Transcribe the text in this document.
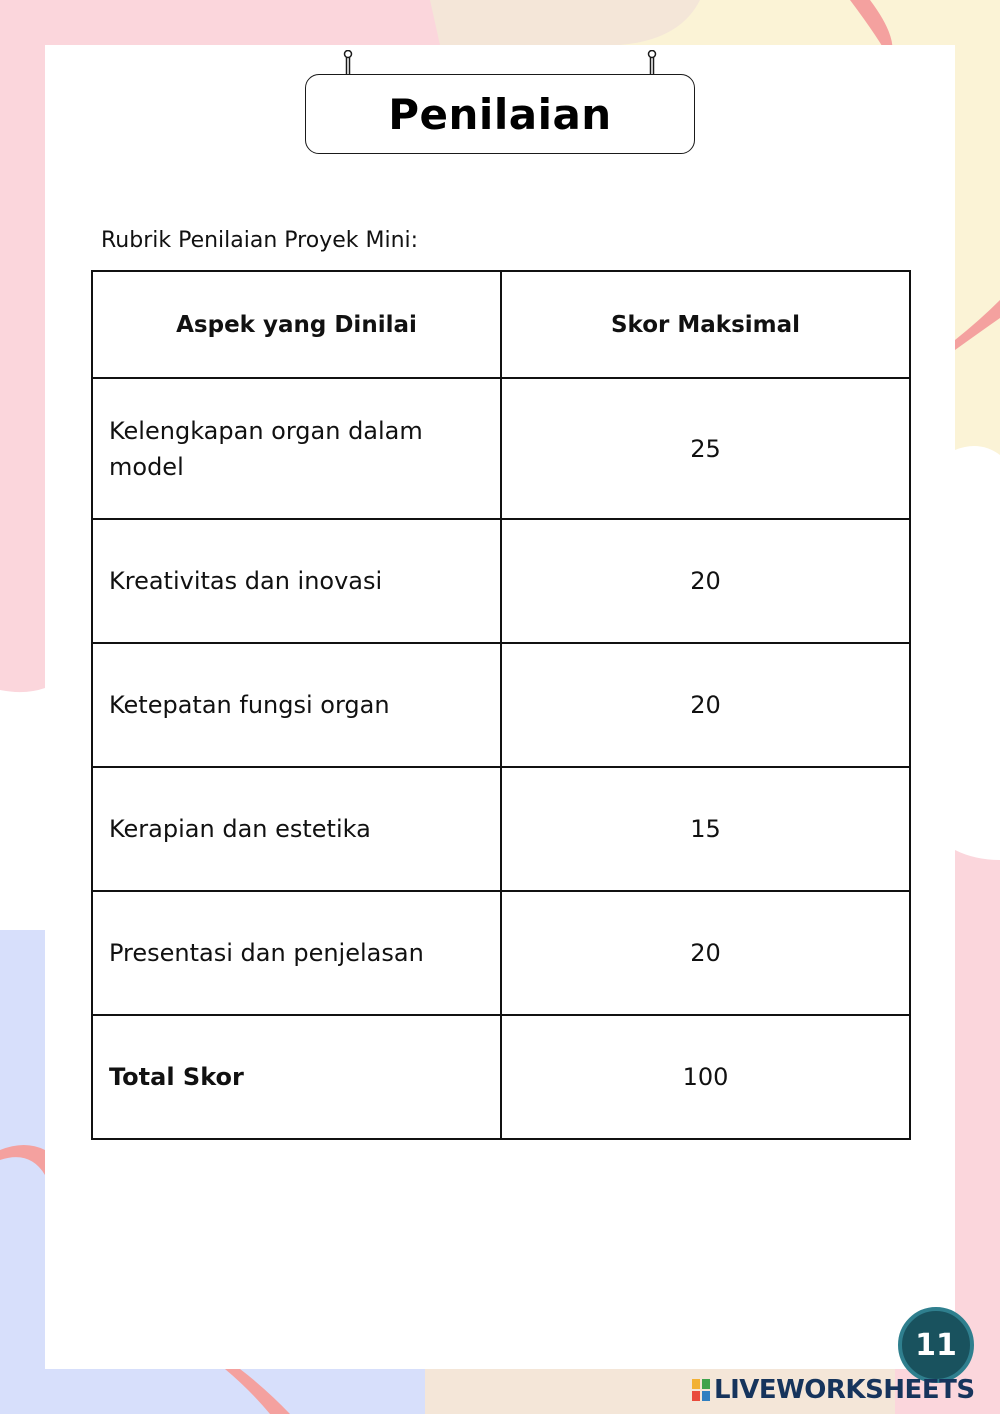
Penilaian
Rubrik Penilaian Proyek Mini:
Aspek yang Dinilai	Skor Maksimal
Kelengkapan organ dalam model	25
Kreativitas dan inovasi	20
Ketepatan fungsi organ	20
Kerapian dan estetika	15
Presentasi dan penjelasan	20
Total Skor	100
11
LIVEWORKSHEETS
